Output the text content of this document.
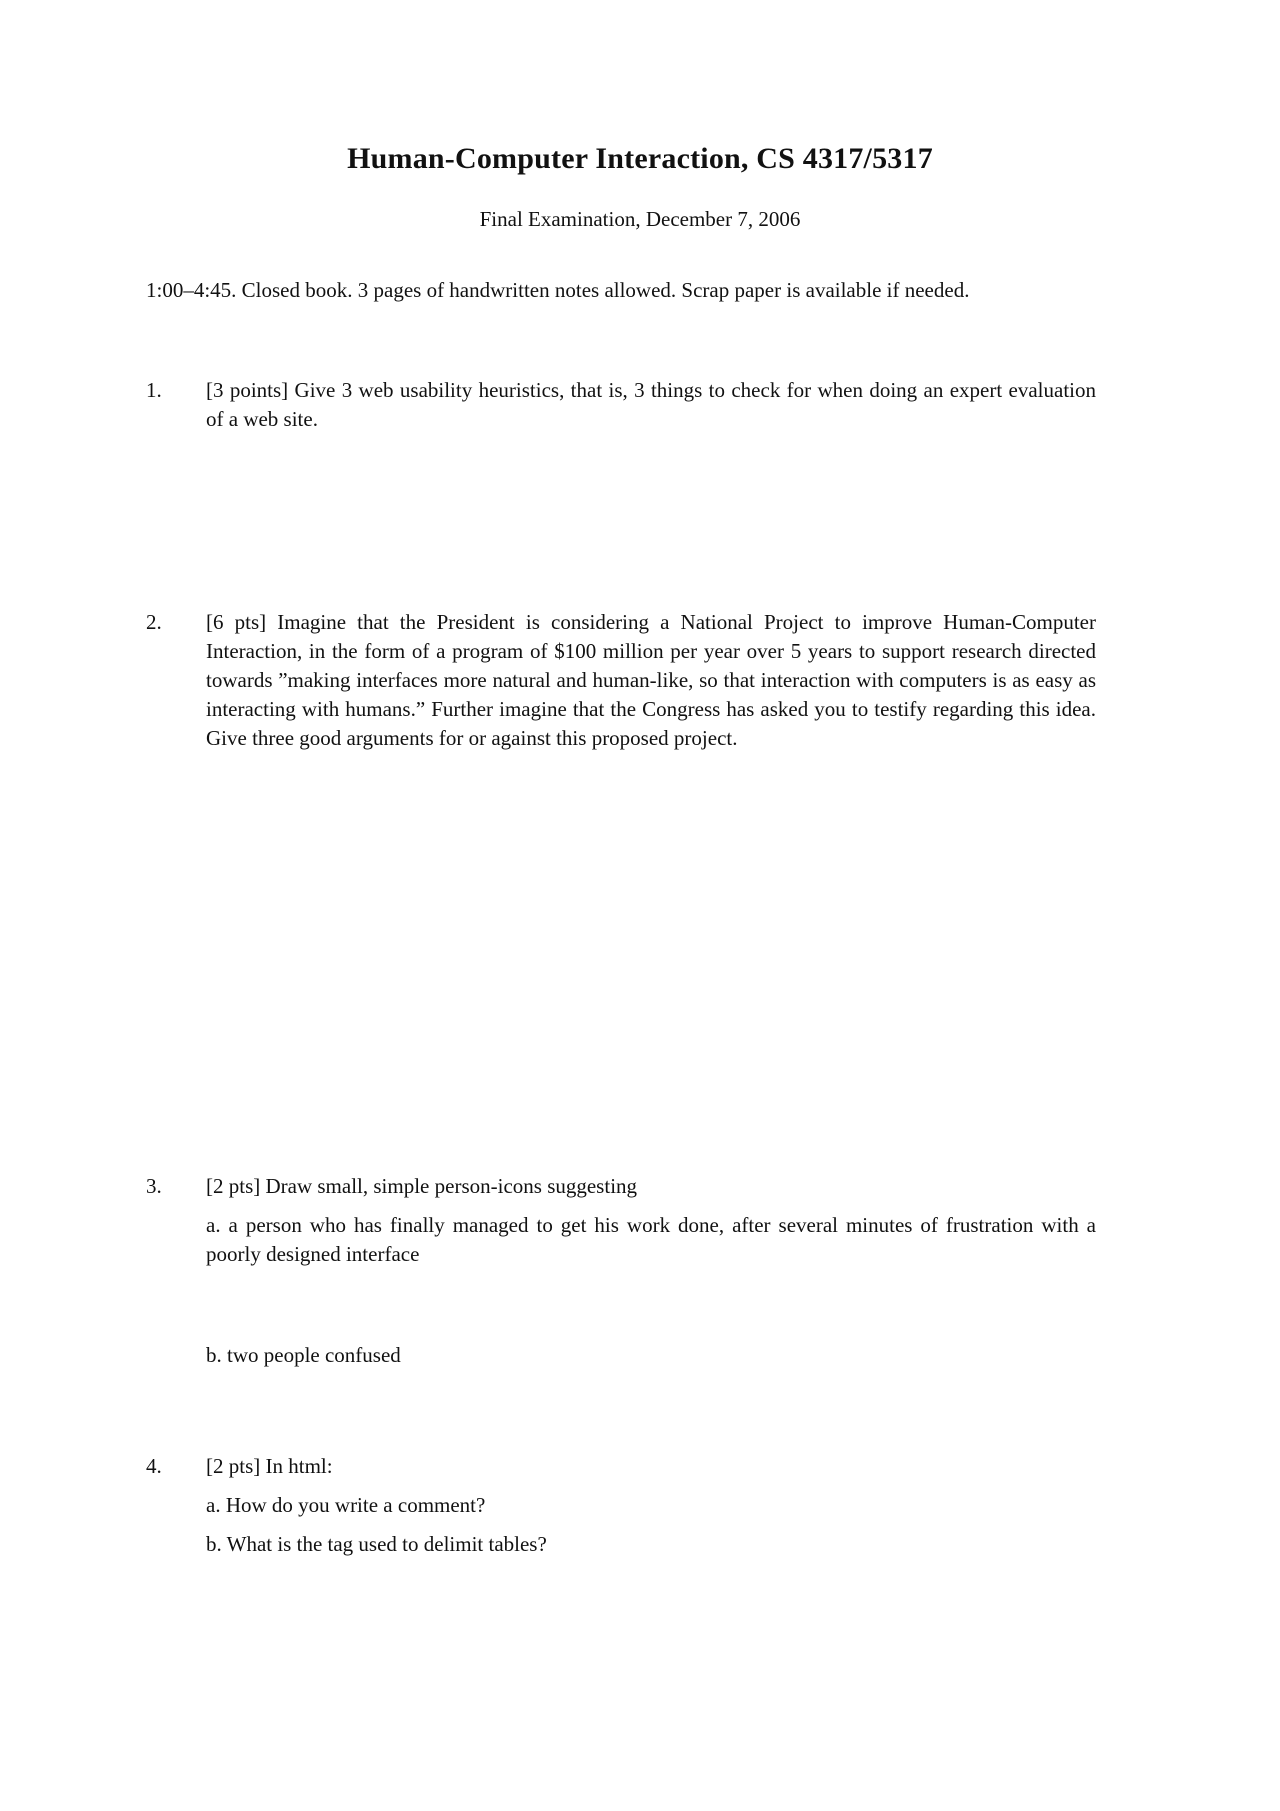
Human-Computer Interaction, CS 4317/5317
Final Examination, December 7, 2006
1:00–4:45. Closed book. 3 pages of handwritten notes allowed. Scrap paper is available if needed.
1. [3 points] Give 3 web usability heuristics, that is, 3 things to check for when doing an expert evaluation of a web site.
2. [6 pts] Imagine that the President is considering a National Project to improve Human-Computer Interaction, in the form of a program of $100 million per year over 5 years to support research directed towards ”making interfaces more natural and human-like, so that interaction with computers is as easy as interacting with humans.” Further imagine that the Congress has asked you to testify regarding this idea. Give three good arguments for or against this proposed project.
3. [2 pts] Draw small, simple person-icons suggesting
a. a person who has finally managed to get his work done, after several minutes of frustration with a poorly designed interface
b. two people confused
4. [2 pts] In html:
a. How do you write a comment?
b. What is the tag used to delimit tables?
